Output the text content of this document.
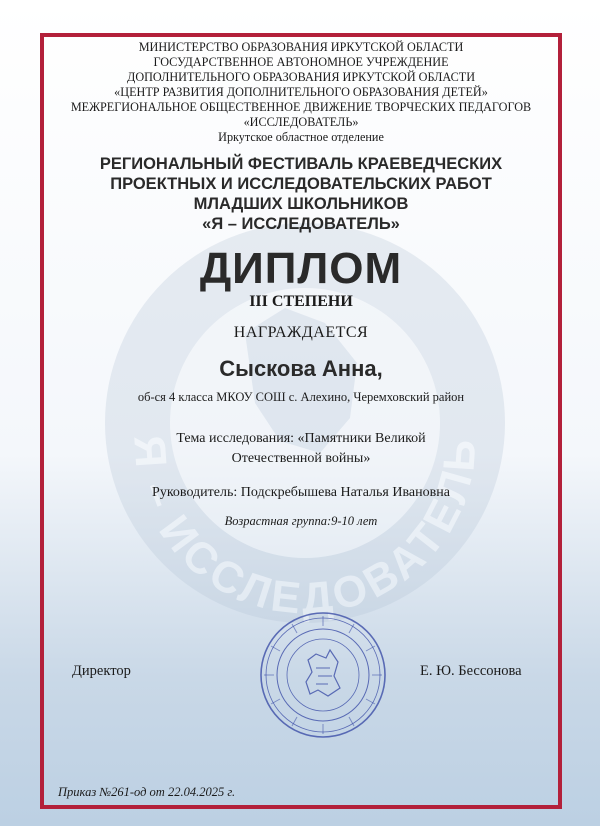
Я – ИССЛЕДОВАТЕЛЬ
МИНИСТЕРСТВО ОБРАЗОВАНИЯ ИРКУТСКОЙ ОБЛАСТИ
ГОСУДАРСТВЕННОЕ АВТОНОМНОЕ УЧРЕЖДЕНИЕ
ДОПОЛНИТЕЛЬНОГО ОБРАЗОВАНИЯ ИРКУТСКОЙ ОБЛАСТИ
«ЦЕНТР РАЗВИТИЯ ДОПОЛНИТЕЛЬНОГО ОБРАЗОВАНИЯ ДЕТЕЙ»
МЕЖРЕГИОНАЛЬНОЕ ОБЩЕСТВЕННОЕ ДВИЖЕНИЕ ТВОРЧЕСКИХ ПЕДАГОГОВ
«ИССЛЕДОВАТЕЛЬ»
Иркутское областное отделение
РЕГИОНАЛЬНЫЙ ФЕСТИВАЛЬ КРАЕВЕДЧЕСКИХ
ПРОЕКТНЫХ И ИССЛЕДОВАТЕЛЬСКИХ РАБОТ
МЛАДШИХ ШКОЛЬНИКОВ
«Я – ИССЛЕДОВАТЕЛЬ»
ДИПЛОМ
III СТЕПЕНИ
НАГРАЖДАЕТСЯ
Сыскова Анна,
об-ся 4 класса МКОУ СОШ с. Алехино, Черемховский район
Тема исследования: «Памятники Великой
Отечественной войны»
Руководитель: Подскребышева Наталья Ивановна
Возрастная группа:9-10 лет
Директор	Е. Ю. Бессонова
Приказ №261-од от 22.04.2025 г.
